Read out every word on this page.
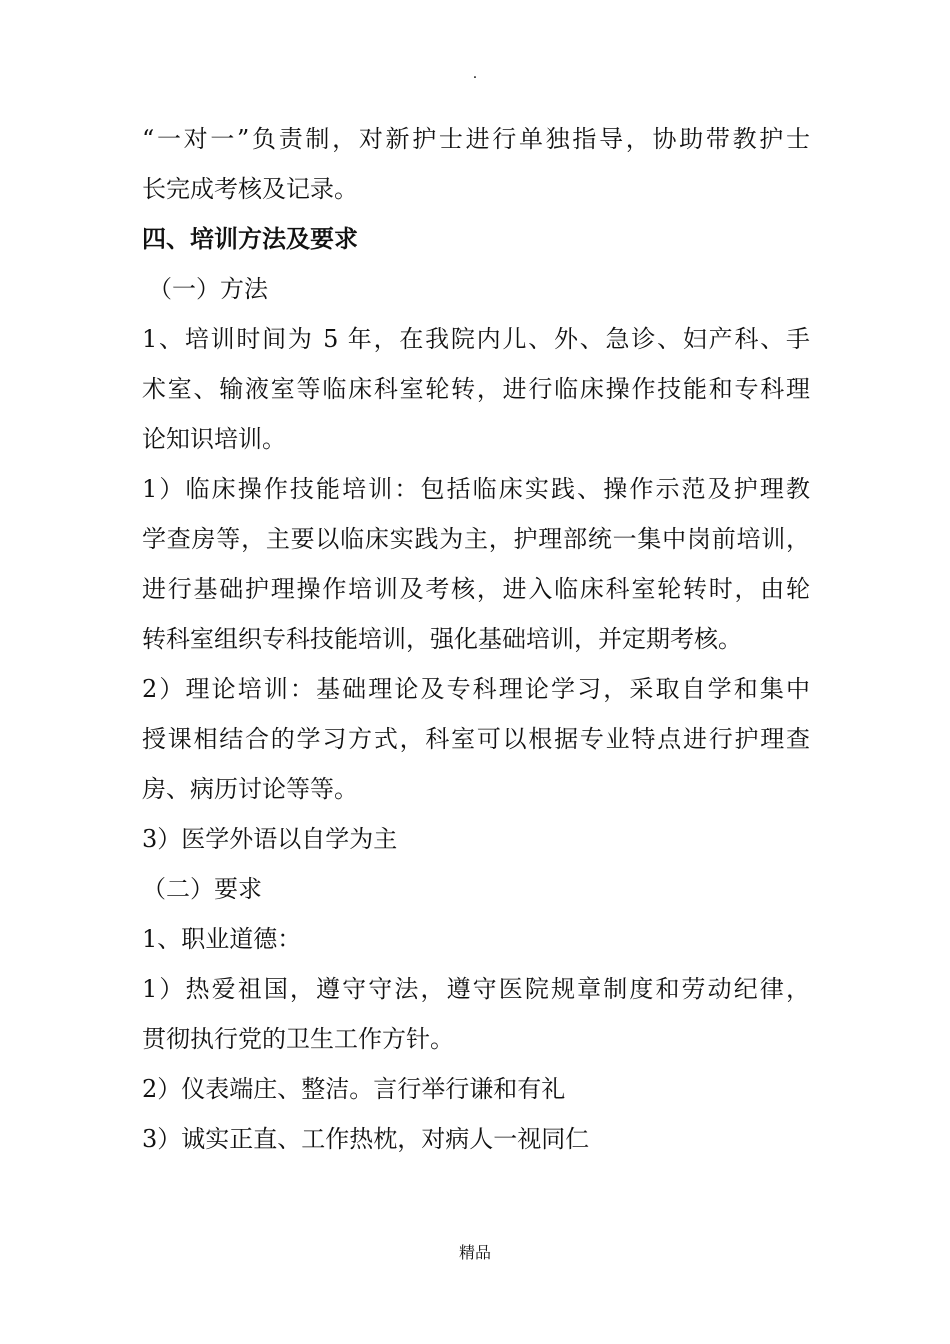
.
“一对一”负责制，对新护士进行单独指导，协助带教护士
长完成考核及记录。
四、培训方法及要求
（一）方法
1、培训时间为 5 年，在我院内儿、外、急诊、妇产科、手
术室、输液室等临床科室轮转，进行临床操作技能和专科理
论知识培训。
1）临床操作技能培训：包括临床实践、操作示范及护理教
学查房等，主要以临床实践为主，护理部统一集中岗前培训，
进行基础护理操作培训及考核，进入临床科室轮转时，由轮
转科室组织专科技能培训，强化基础培训，并定期考核。
2）理论培训：基础理论及专科理论学习，采取自学和集中
授课相结合的学习方式，科室可以根据专业特点进行护理查
房、病历讨论等等。
3）医学外语以自学为主
（二）要求
1、职业道德：
1）热爱祖国，遵守守法，遵守医院规章制度和劳动纪律，
贯彻执行党的卫生工作方针。
2）仪表端庄、整洁。言行举行谦和有礼
3）诚实正直、工作热枕，对病人一视同仁
精品
